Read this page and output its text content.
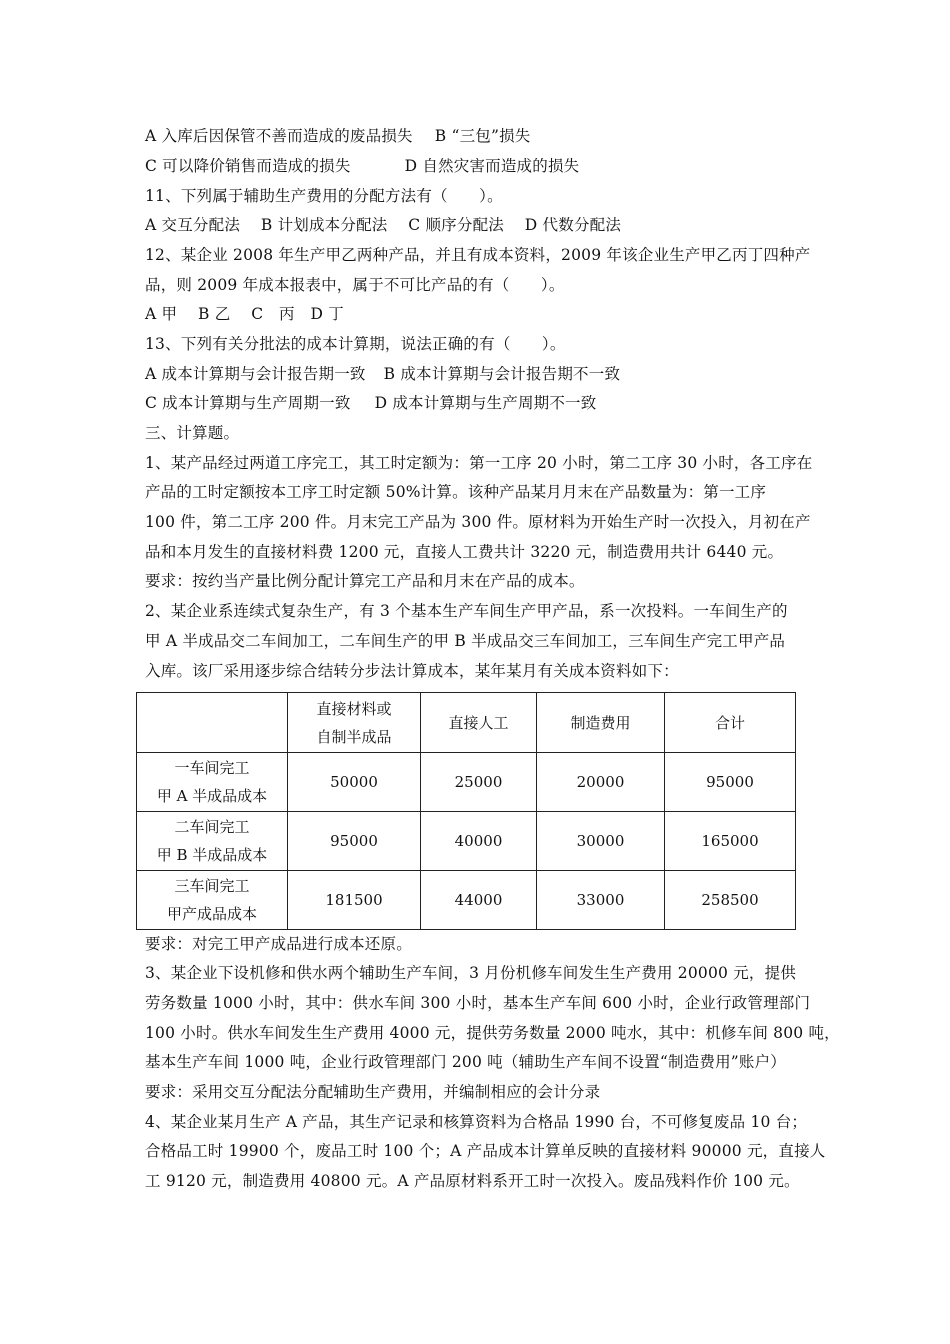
A 入库后因保管不善而造成的废品损失 B “三包”损失
C 可以降价销售而造成的损失	D 自然灾害而造成的损失
11、下列属于辅助生产费用的分配方法有（　　）。
A 交互分配法　 B 计划成本分配法　 C 顺序分配法　 D 代数分配法
12、某企业 2008 年生产甲乙两种产品，并且有成本资料，2009 年该企业生产甲乙丙丁四种产
品，则 2009 年成本报表中，属于不可比产品的有（　　）。
A 甲　 B 乙　 C　丙　D 丁
13、下列有关分批法的成本计算期，说法正确的有（　　）。
A 成本计算期与会计报告期一致 B 成本计算期与会计报告期不一致
C 成本计算期与生产周期一致 D 成本计算期与生产周期不一致
三、计算题。
1、某产品经过两道工序完工，其工时定额为：第一工序 20 小时，第二工序 30 小时，各工序在
产品的工时定额按本工序工时定额 50%计算。该种产品某月月末在产品数量为：第一工序
100 件，第二工序 200 件。月末完工产品为 300 件。原材料为开始生产时一次投入，月初在产
品和本月发生的直接材料费 1200 元，直接人工费共计 3220 元，制造费用共计 6440 元。
要求：按约当产量比例分配计算完工产品和月末在产品的成本。
2、某企业系连续式复杂生产，有 3 个基本生产车间生产甲产品，系一次投料。一车间生产的
甲 A 半成品交二车间加工，二车间生产的甲 B 半成品交三车间加工，三车间生产完工甲产品
入库。该厂采用逐步综合结转分步法计算成本，某年某月有关成本资料如下：
	直接材料或
自制半成品	直接人工	制造费用	合计
一车间完工
甲 A 半成品成本	50000	25000	20000	95000
二车间完工
甲 B 半成品成本	95000	40000	30000	165000
三车间完工
甲产成品成本	181500	44000	33000	258500
要求：对完工甲产成品进行成本还原。
3、某企业下设机修和供水两个辅助生产车间，3 月份机修车间发生生产费用 20000 元，提供
劳务数量 1000 小时，其中：供水车间 300 小时，基本生产车间 600 小时，企业行政管理部门
100 小时。供水车间发生生产费用 4000 元，提供劳务数量 2000 吨水，其中：机修车间 800 吨，
基本生产车间 1000 吨，企业行政管理部门 200 吨（辅助生产车间不设置“制造费用”账户）
要求：采用交互分配法分配辅助生产费用，并编制相应的会计分录
4、某企业某月生产 A 产品，其生产记录和核算资料为合格品 1990 台，不可修复废品 10 台；
合格品工时 19900 个，废品工时 100 个；A 产品成本计算单反映的直接材料 90000 元，直接人
工 9120 元，制造费用 40800 元。A 产品原材料系开工时一次投入。废品残料作价 100 元。
